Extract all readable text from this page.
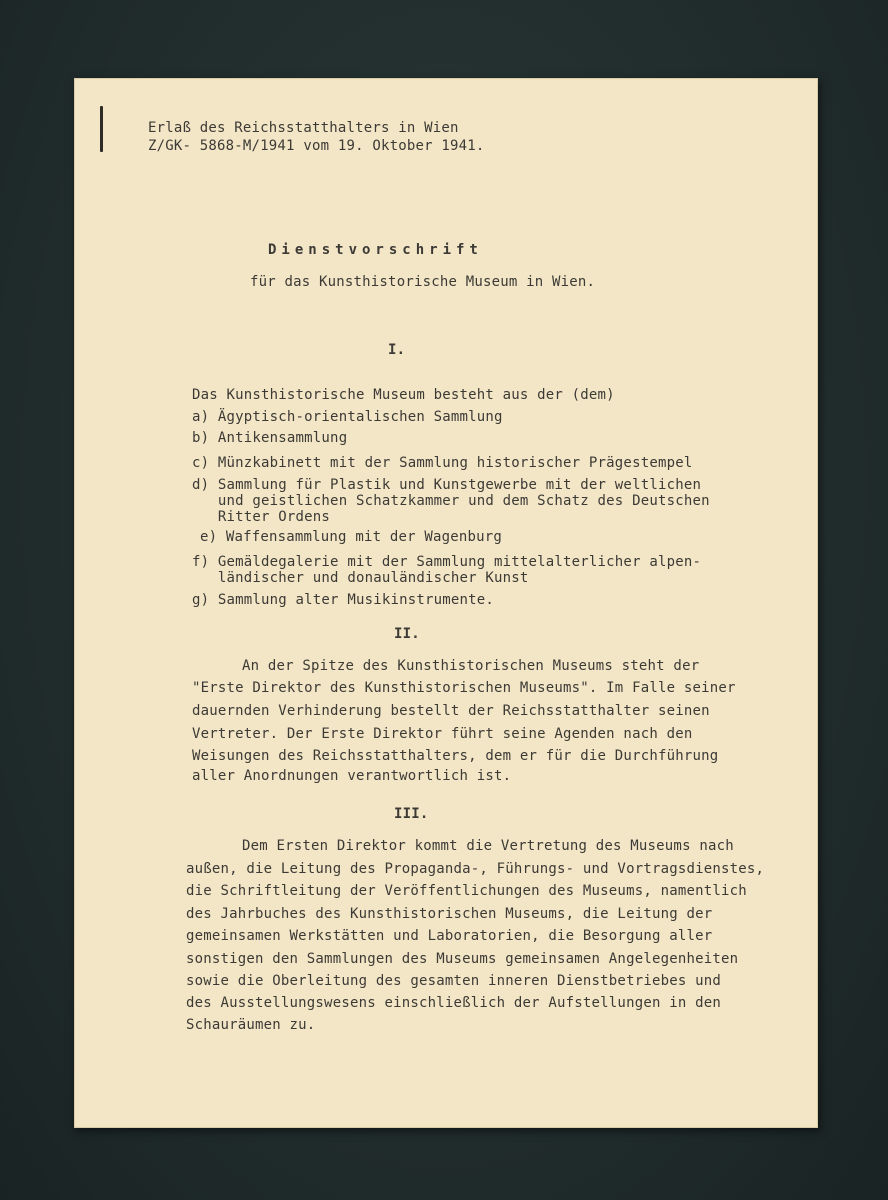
Erlaß des Reichsstatthalters in Wien
Z/GK- 5868-M/1941 vom 19. Oktober 1941.
Dienstvorschrift
für das Kunsthistorische Museum in Wien.
I.
Das Kunsthistorische Museum besteht aus der (dem)
a) Ägyptisch-orientalischen Sammlung
b) Antikensammlung
c) Münzkabinett mit der Sammlung historischer Prägestempel
d) Sammlung für Plastik und Kunstgewerbe mit der weltlichen
und geistlichen Schatzkammer und dem Schatz des Deutschen
Ritter Ordens
e) Waffensammlung mit der Wagenburg
f) Gemäldegalerie mit der Sammlung mittelalterlicher alpen-
ländischer und donauländischer Kunst
g) Sammlung alter Musikinstrumente.
II.
An der Spitze des Kunsthistorischen Museums steht der
"Erste Direktor des Kunsthistorischen Museums". Im Falle seiner
dauernden Verhinderung bestellt der Reichsstatthalter seinen
Vertreter. Der Erste Direktor führt seine Agenden nach den
Weisungen des Reichsstatthalters, dem er für die Durchführung
aller Anordnungen verantwortlich ist.
III.
Dem Ersten Direktor kommt die Vertretung des Museums nach
außen, die Leitung des Propaganda-, Führungs- und Vortragsdienstes,
die Schriftleitung der Veröffentlichungen des Museums, namentlich
des Jahrbuches des Kunsthistorischen Museums, die Leitung der
gemeinsamen Werkstätten und Laboratorien, die Besorgung aller
sonstigen den Sammlungen des Museums gemeinsamen Angelegenheiten
sowie die Oberleitung des gesamten inneren Dienstbetriebes und
des Ausstellungswesens einschließlich der Aufstellungen in den
Schauräumen zu.
